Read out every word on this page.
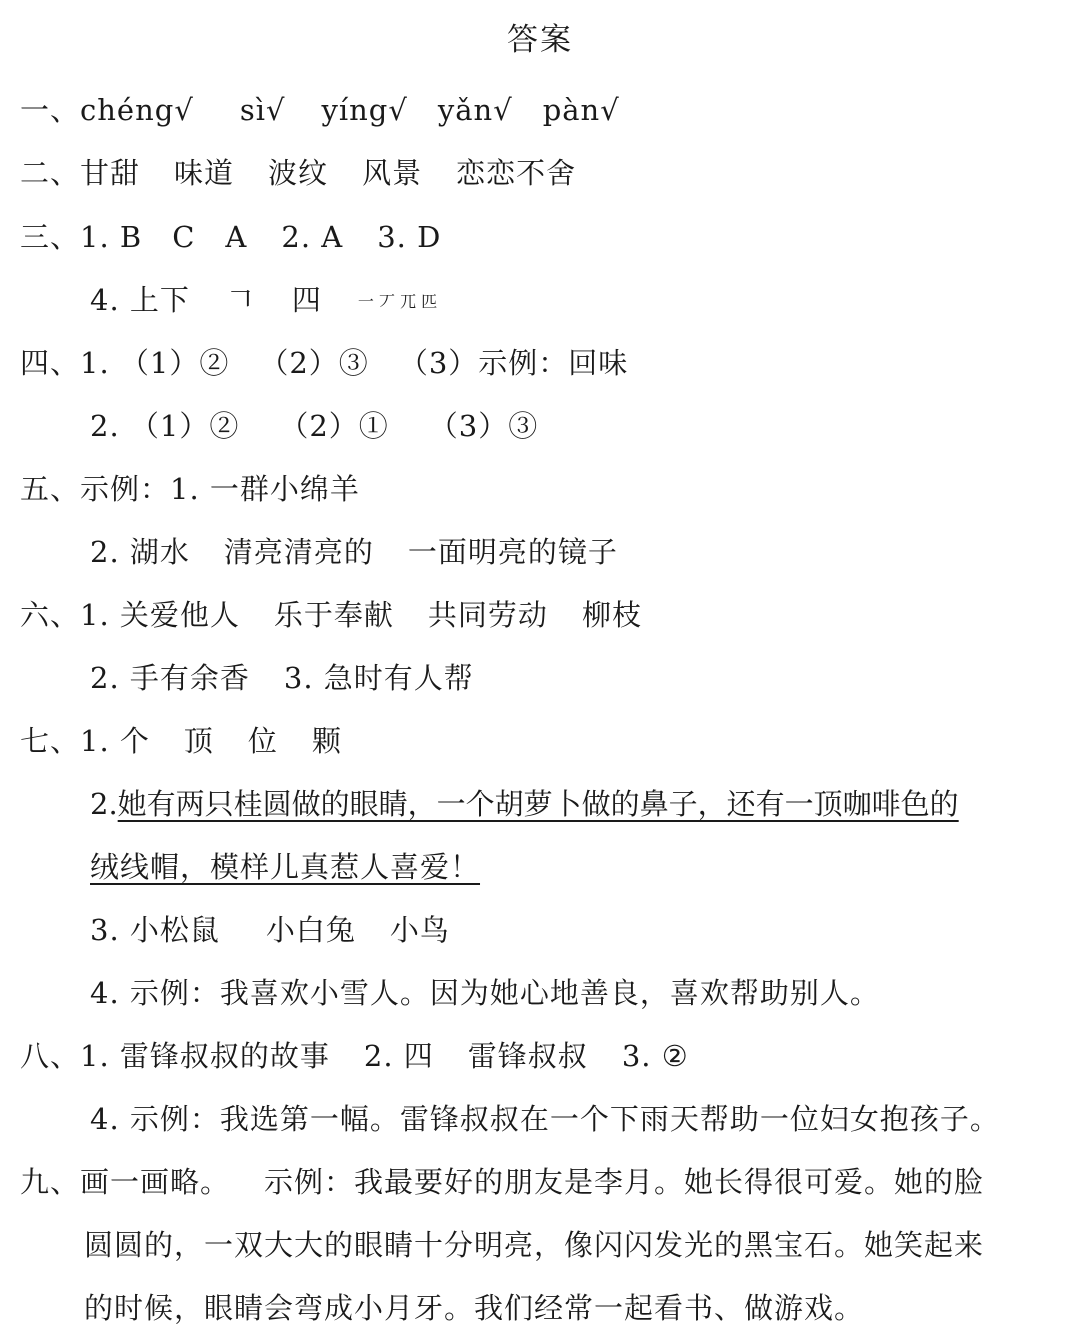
答案
一、chéng√ sì√ yíng√ yǎn√ pàn√
二、甘甜 味道 波纹 风景 恋恋不舍
三、1. B C A 2. A 3. D
4. 上下 𠃍 四 一 丆 兀 匹
四、1. （1）② （2）③ （3）示例：回味
2. （1）② （2）① （3）③
五、示例：1. 一群小绵羊
2. 湖水 清亮清亮的 一面明亮的镜子
六、1. 关爱他人 乐于奉献 共同劳动 柳枝
2. 手有余香 3. 急时有人帮
七、1. 个 顶 位 颗
2.她有两只桂圆做的眼睛，一个胡萝卜做的鼻子，还有一顶咖啡色的
绒线帽，模样儿真惹人喜爱！
3. 小松鼠 小白兔 小鸟
4. 示例：我喜欢小雪人。因为她心地善良，喜欢帮助别人。
八、1. 雷锋叔叔的故事 2. 四 雷锋叔叔 3. ②
4. 示例：我选第一幅。雷锋叔叔在一个下雨天帮助一位妇女抱孩子。
九、画一画略。 示例：我最要好的朋友是李月。她长得很可爱。她的脸
圆圆的，一双大大的眼睛十分明亮，像闪闪发光的黑宝石。她笑起来
的时候，眼睛会弯成小月牙。我们经常一起看书、做游戏。
